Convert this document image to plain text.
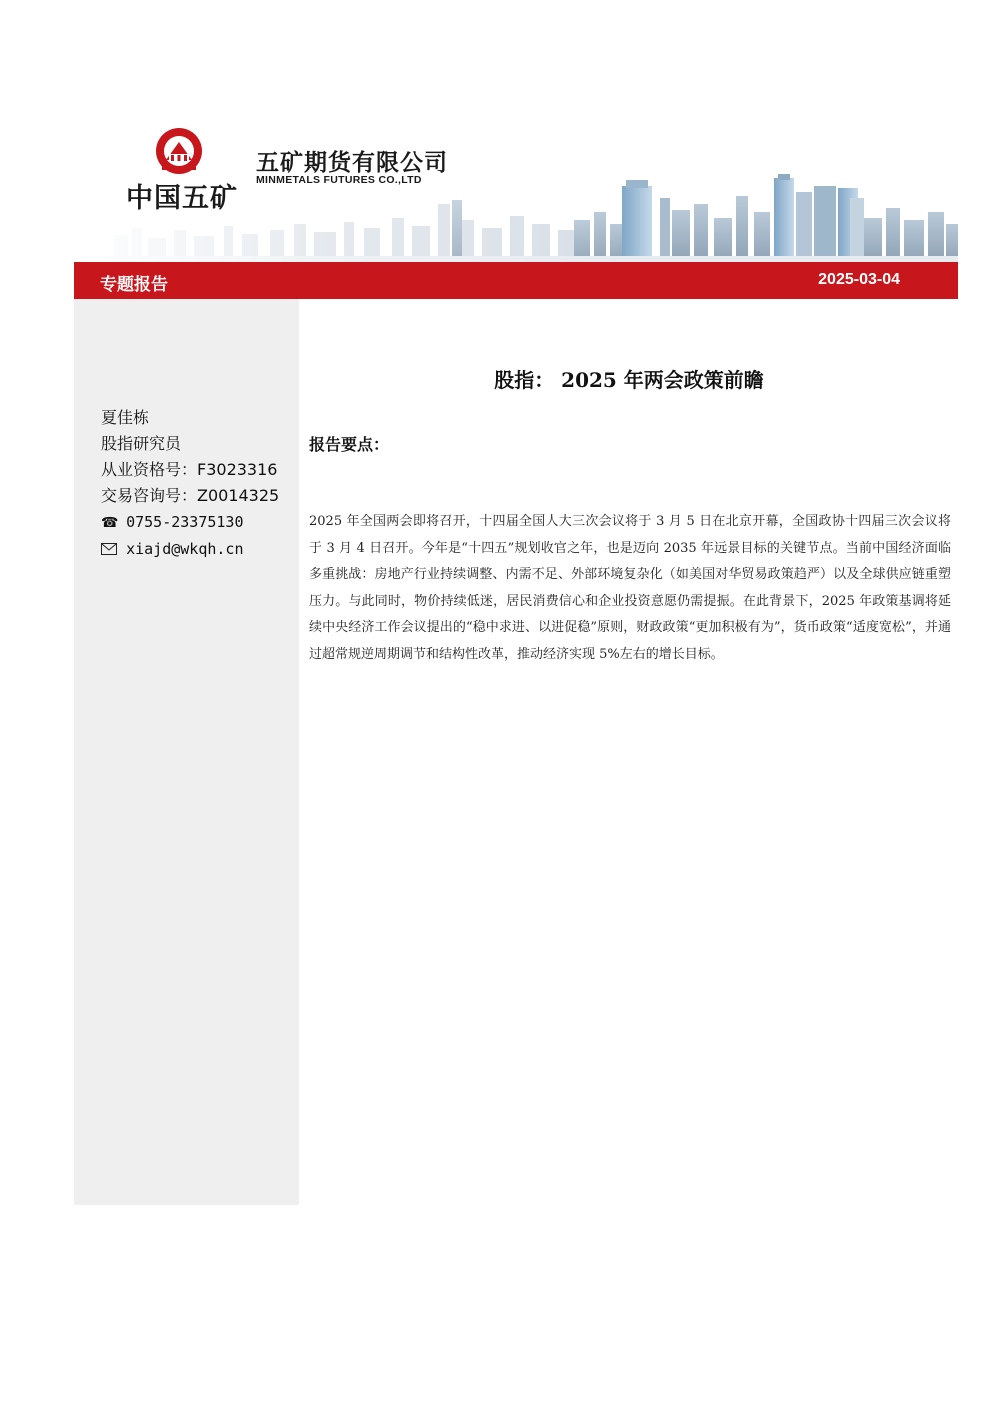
中国五矿
五矿期货有限公司
MINMETALS FUTURES CO.,LTD
专题报告	2025-03-04
夏佳栋
股指研究员
从业资格号：F3023316
交易咨询号：Z0014325
☎ 0755-23375130
xiajd@wkqh.cn
股指： 2025 年两会政策前瞻
报告要点：
2025 年全国两会即将召开，十四届全国人大三次会议将于 3 月 5 日在北京开幕，全国政协十四届三次会议将于 3 月 4 日召开。今年是“十四五”规划收官之年，也是迈向 2035 年远景目标的关键节点。当前中国经济面临多重挑战：房地产行业持续调整、内需不足、外部环境复杂化（如美国对华贸易政策趋严）以及全球供应链重塑压力。与此同时，物价持续低迷，居民消费信心和企业投资意愿仍需提振。在此背景下，2025 年政策基调将延续中央经济工作会议提出的“稳中求进、以进促稳”原则，财政政策“更加积极有为”，货币政策“适度宽松”，并通过超常规逆周期调节和结构性改革，推动经济实现 5%左右的增长目标。
